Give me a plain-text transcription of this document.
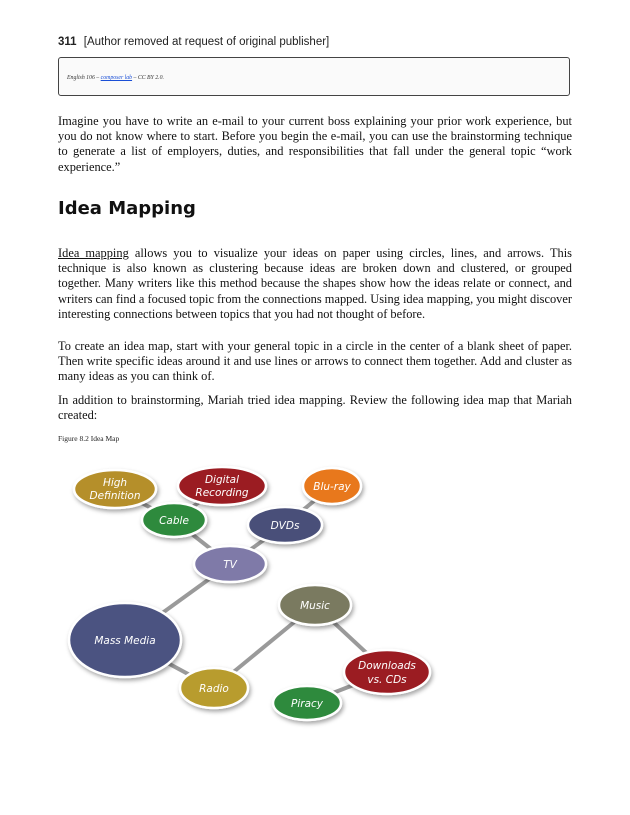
311 [Author removed at request of original publisher]
English 106 – composer lab – CC BY 2.0.

Imagine you have to write an e-mail to your current boss explaining your prior work experience, but you do not know where to start. Before you begin the e-mail, you can use the brainstorming technique to generate a list of employers, duties, and responsibilities that fall under the general topic “work experience.”

Idea Mapping

Idea mapping allows you to visualize your ideas on paper using circles, lines, and arrows. This technique is also known as clustering because ideas are broken down and clustered, or grouped together. Many writers like this method because the shapes show how the ideas relate or connect, and writers can find a focused topic from the connections mapped. Using idea mapping, you might discover interesting connections between topics that you had not thought of before.

To create an idea map, start with your general topic in a circle in the center of a blank sheet of paper. Then write specific ideas around it and use lines or arrows to connect them together. Add and cluster as many ideas as you can think of.

In addition to brainstorming, Mariah tried idea mapping. Review the following idea map that Mariah created:

Figure 8.2 Idea Map
High
Definition
Digital
Recording	Blu-ray
Cable	DVDs
TV
Mass Media
Music
Radio
Downloads
vs. CDs
Piracy
